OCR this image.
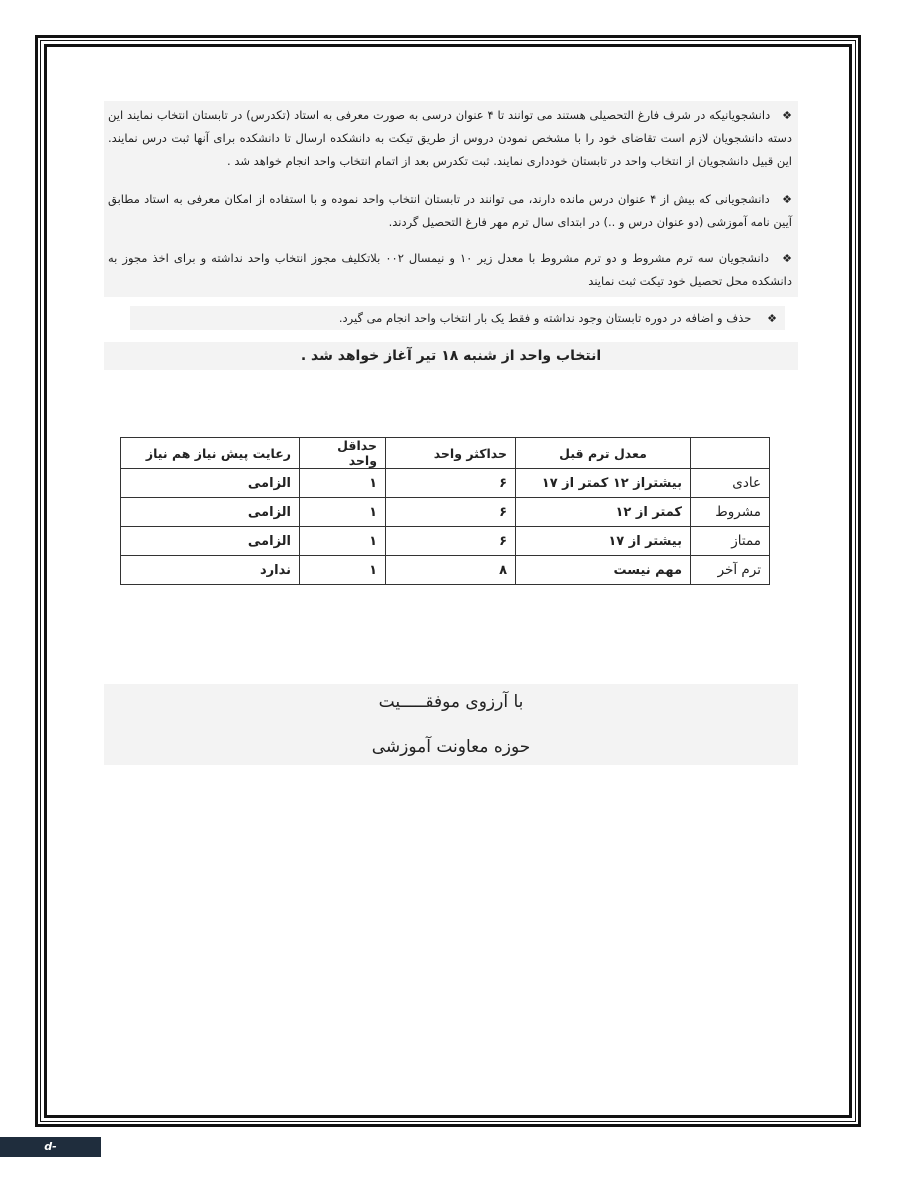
❖ دانشجویانیکه در شرف فارغ التحصیلی هستند می توانند تا ۴ عنوان درسی به صورت معرفی به استاد (تکدرس) در تابستان انتخاب نمایند این دسته دانشجویان لازم است تقاضای خود را با مشخص نمودن دروس از طریق تیکت به دانشکده ارسال تا دانشکده برای آنها ثبت درس نمایند. این قبیل دانشجویان از انتخاب واحد در تابستان خودداری نمایند. ثبت تکدرس بعد از اتمام انتخاب واحد انجام خواهد شد .
❖ دانشجویانی که بیش از ۴ عنوان درس مانده دارند، می توانند در تابستان انتخاب واحد نموده و با استفاده از امکان معرفی به استاد مطابق آیین نامه آموزشی (دو عنوان درس و ..) در ابتدای سال ترم مهر فارغ التحصیل گردند.
❖ دانشجویان سه ترم مشروط و دو ترم مشروط با معدل زیر ۱۰ و نیمسال ۰۰۲ بلاتکلیف مجوز انتخاب واحد نداشته و برای اخذ مجوز به دانشکده محل تحصیل خود تیکت ثبت نمایند
❖ حذف و اضافه در دوره تابستان وجود نداشته و فقط یک بار انتخاب واحد انجام می گیرد.
انتخاب واحد از شنبه ۱۸ تیر آغاز خواهد شد .
	معدل ترم قبل	حداکثر واحد	حداقل واحد	رعایت پیش نیاز هم نیاز
عادی	بیشتراز ۱۲ کمتر از ۱۷	۶	۱	الزامی
مشروط	کمتر از ۱۲	۶	۱	الزامی
ممتاز	بیشتر از ۱۷	۶	۱	الزامی
ترم آخر	مهم نیست	۸	۱	ندارد
با آرزوی موفقـــــیت
حوزه معاونت آموزشی
d-babol.nus.ac.ir
